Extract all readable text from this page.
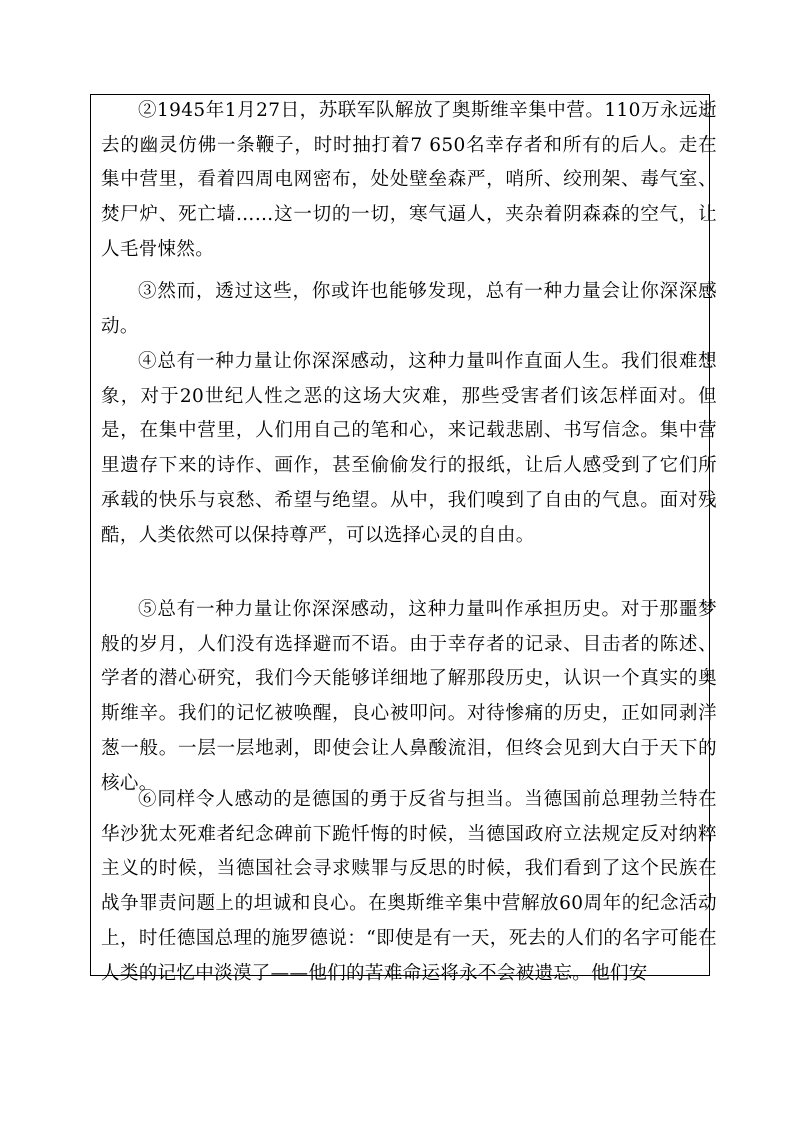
②1945年1月27日，苏联军队解放了奥斯维辛集中营。110万永远逝去的幽灵仿佛一条鞭子，时时抽打着7 650名幸存者和所有的后人。走在集中营里，看着四周电网密布，处处壁垒森严，哨所、绞刑架、毒气室、焚尸炉、死亡墙……这一切的一切，寒气逼人，夹杂着阴森森的空气，让人毛骨悚然。

③然而，透过这些，你或许也能够发现，总有一种力量会让你深深感动。

④总有一种力量让你深深感动，这种力量叫作直面人生。我们很难想象，对于20世纪人性之恶的这场大灾难，那些受害者们该怎样面对。但是，在集中营里，人们用自己的笔和心，来记载悲剧、书写信念。集中营里遗存下来的诗作、画作，甚至偷偷发行的报纸，让后人感受到了它们所承载的快乐与哀愁、希望与绝望。从中，我们嗅到了自由的气息。面对残酷，人类依然可以保持尊严，可以选择心灵的自由。

⑤总有一种力量让你深深感动，这种力量叫作承担历史。对于那噩梦般的岁月，人们没有选择避而不语。由于幸存者的记录、目击者的陈述、学者的潜心研究，我们今天能够详细地了解那段历史，认识一个真实的奥斯维辛。我们的记忆被唤醒，良心被叩问。对待惨痛的历史，正如同剥洋葱一般。一层一层地剥，即使会让人鼻酸流泪，但终会见到大白于天下的核心。

⑥同样令人感动的是德国的勇于反省与担当。当德国前总理勃兰特在华沙犹太死难者纪念碑前下跪忏悔的时候，当德国政府立法规定反对纳粹主义的时候，当德国社会寻求赎罪与反思的时候，我们看到了这个民族在战争罪责问题上的坦诚和良心。在奥斯维辛集中营解放60周年的纪念活动上，时任德国总理的施罗德说：“即使是有一天，死去的人们的名字可能在人类的记忆中淡漠了——他们的苦难命运将永不会被遗忘。他们安
